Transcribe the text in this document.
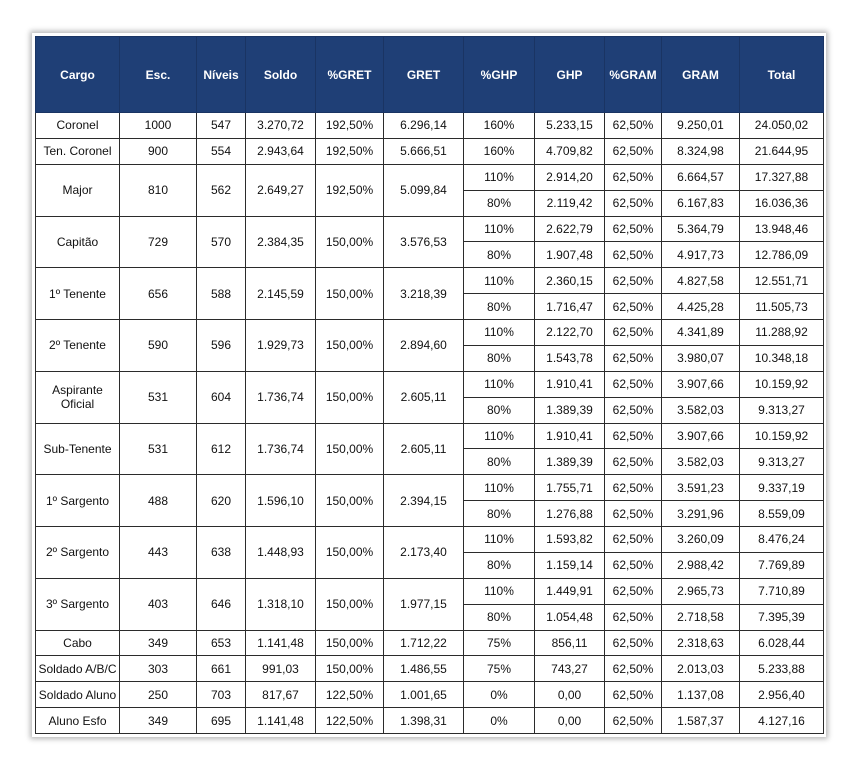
Cargo	Esc.	Níveis	Soldo	%GRET	GRET	%GHP	GHP	%GRAM	GRAM	Total
Coronel	1000	547	3.270,72	192,50%	6.296,14	160%	5.233,15	62,50%	9.250,01	24.050,02
Ten. Coronel	900	554	2.943,64	192,50%	5.666,51	160%	4.709,82	62,50%	8.324,98	21.644,95
Major	810	562	2.649,27	192,50%	5.099,84	110%	2.914,20	62,50%	6.664,57	17.327,88
						80%	2.119,42	62,50%	6.167,83	16.036,36
Capitão	729	570	2.384,35	150,00%	3.576,53	110%	2.622,79	62,50%	5.364,79	13.948,46
						80%	1.907,48	62,50%	4.917,73	12.786,09
1º Tenente	656	588	2.145,59	150,00%	3.218,39	110%	2.360,15	62,50%	4.827,58	12.551,71
						80%	1.716,47	62,50%	4.425,28	11.505,73
2º Tenente	590	596	1.929,73	150,00%	2.894,60	110%	2.122,70	62,50%	4.341,89	11.288,92
						80%	1.543,78	62,50%	3.980,07	10.348,18
Aspirante Oficial	531	604	1.736,74	150,00%	2.605,11	110%	1.910,41	62,50%	3.907,66	10.159,92
						80%	1.389,39	62,50%	3.582,03	9.313,27
Sub-Tenente	531	612	1.736,74	150,00%	2.605,11	110%	1.910,41	62,50%	3.907,66	10.159,92
						80%	1.389,39	62,50%	3.582,03	9.313,27
1º Sargento	488	620	1.596,10	150,00%	2.394,15	110%	1.755,71	62,50%	3.591,23	9.337,19
						80%	1.276,88	62,50%	3.291,96	8.559,09
2º Sargento	443	638	1.448,93	150,00%	2.173,40	110%	1.593,82	62,50%	3.260,09	8.476,24
						80%	1.159,14	62,50%	2.988,42	7.769,89
3º Sargento	403	646	1.318,10	150,00%	1.977,15	110%	1.449,91	62,50%	2.965,73	7.710,89
						80%	1.054,48	62,50%	2.718,58	7.395,39
Cabo	349	653	1.141,48	150,00%	1.712,22	75%	856,11	62,50%	2.318,63	6.028,44
Soldado A/B/C	303	661	991,03	150,00%	1.486,55	75%	743,27	62,50%	2.013,03	5.233,88
Soldado Aluno	250	703	817,67	122,50%	1.001,65	0%	0,00	62,50%	1.137,08	2.956,40
Aluno Esfo	349	695	1.141,48	122,50%	1.398,31	0%	0,00	62,50%	1.587,37	4.127,16
